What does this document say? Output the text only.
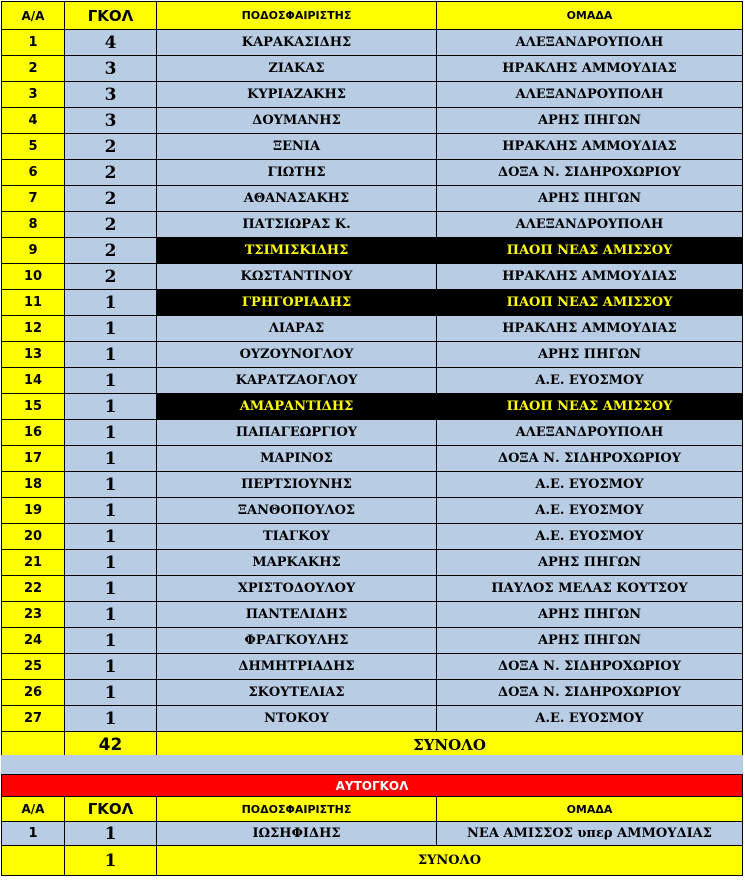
Α/Α	ΓΚΟΛ	ΠΟΔΟΣΦΑΙΡΙΣΤΗΣ	ΟΜΑΔΑ
1	4	ΚΑΡΑΚΑΣΙΔΗΣ	ΑΛΕΞΑΝΔΡΟΥΠΟΛΗ
2	3	ΖΙΑΚΑΣ	ΗΡΑΚΛΗΣ ΑΜΜΟΥΔΙΑΣ
3	3	ΚΥΡΙΑΖΑΚΗΣ	ΑΛΕΞΑΝΔΡΟΥΠΟΛΗ
4	3	ΔΟΥΜΑΝΗΣ	ΑΡΗΣ ΠΗΓΩΝ
5	2	ΞΕΝΙΑ	ΗΡΑΚΛΗΣ ΑΜΜΟΥΔΙΑΣ
6	2	ΓΙΩΤΗΣ	ΔΟΞΑ Ν. ΣΙΔΗΡΟΧΩΡΙΟΥ
7	2	ΑΘΑΝΑΣΑΚΗΣ	ΑΡΗΣ ΠΗΓΩΝ
8	2	ΠΑΤΣΙΩΡΑΣ Κ.	ΑΛΕΞΑΝΔΡΟΥΠΟΛΗ
9	2	ΤΣΙΜΙΣΚΙΔΗΣ	ΠΑΟΠ ΝΕΑΣ ΑΜΙΣΣΟΥ
10	2	ΚΩΣΤΑΝΤΙΝΟΥ	ΗΡΑΚΛΗΣ ΑΜΜΟΥΔΙΑΣ
11	1	ΓΡΗΓΟΡΙΑΔΗΣ	ΠΑΟΠ ΝΕΑΣ ΑΜΙΣΣΟΥ
12	1	ΛΙΑΡΑΣ	ΗΡΑΚΛΗΣ ΑΜΜΟΥΔΙΑΣ
13	1	ΟΥΖΟΥΝΟΓΛΟΥ	ΑΡΗΣ ΠΗΓΩΝ
14	1	ΚΑΡΑΤΖΑΟΓΛΟΥ	Α.Ε. ΕΥΟΣΜΟΥ
15	1	ΑΜΑΡΑΝΤΙΔΗΣ	ΠΑΟΠ ΝΕΑΣ ΑΜΙΣΣΟΥ
16	1	ΠΑΠΑΓΕΩΡΓΙΟΥ	ΑΛΕΞΑΝΔΡΟΥΠΟΛΗ
17	1	ΜΑΡΙΝΟΣ	ΔΟΞΑ Ν. ΣΙΔΗΡΟΧΩΡΙΟΥ
18	1	ΠΕΡΤΣΙΟΥΝΗΣ	Α.Ε. ΕΥΟΣΜΟΥ
19	1	ΞΑΝΘΟΠΟΥΛΟΣ	Α.Ε. ΕΥΟΣΜΟΥ
20	1	ΤΙΑΓΚΟΥ	Α.Ε. ΕΥΟΣΜΟΥ
21	1	ΜΑΡΚΑΚΗΣ	ΑΡΗΣ ΠΗΓΩΝ
22	1	ΧΡΙΣΤΟΔΟΥΛΟΥ	ΠΑΥΛΟΣ ΜΕΛΑΣ ΚΟΥΤΣΟΥ
23	1	ΠΑΝΤΕΛΙΔΗΣ	ΑΡΗΣ ΠΗΓΩΝ
24	1	ΦΡΑΓΚΟΥΛΗΣ	ΑΡΗΣ ΠΗΓΩΝ
25	1	ΔΗΜΗΤΡΙΑΔΗΣ	ΔΟΞΑ Ν. ΣΙΔΗΡΟΧΩΡΙΟΥ
26	1	ΣΚΟΥΤΕΛΙΑΣ	ΔΟΞΑ Ν. ΣΙΔΗΡΟΧΩΡΙΟΥ
27	1	ΝΤΟΚΟΥ	Α.Ε. ΕΥΟΣΜΟΥ
	42	ΣΥΝΟΛΟ	
ΑΥΤΟΓΚΟΛ			
Α/Α	ΓΚΟΛ	ΠΟΔΟΣΦΑΙΡΙΣΤΗΣ	ΟΜΑΔΑ
1	1	ΙΩΣΗΦΙΔΗΣ	ΝΕΑ ΑΜΙΣΣΟΣ υπερ ΑΜΜΟΥΔΙΑΣ
	1	ΣΥΝΟΛΟ	
